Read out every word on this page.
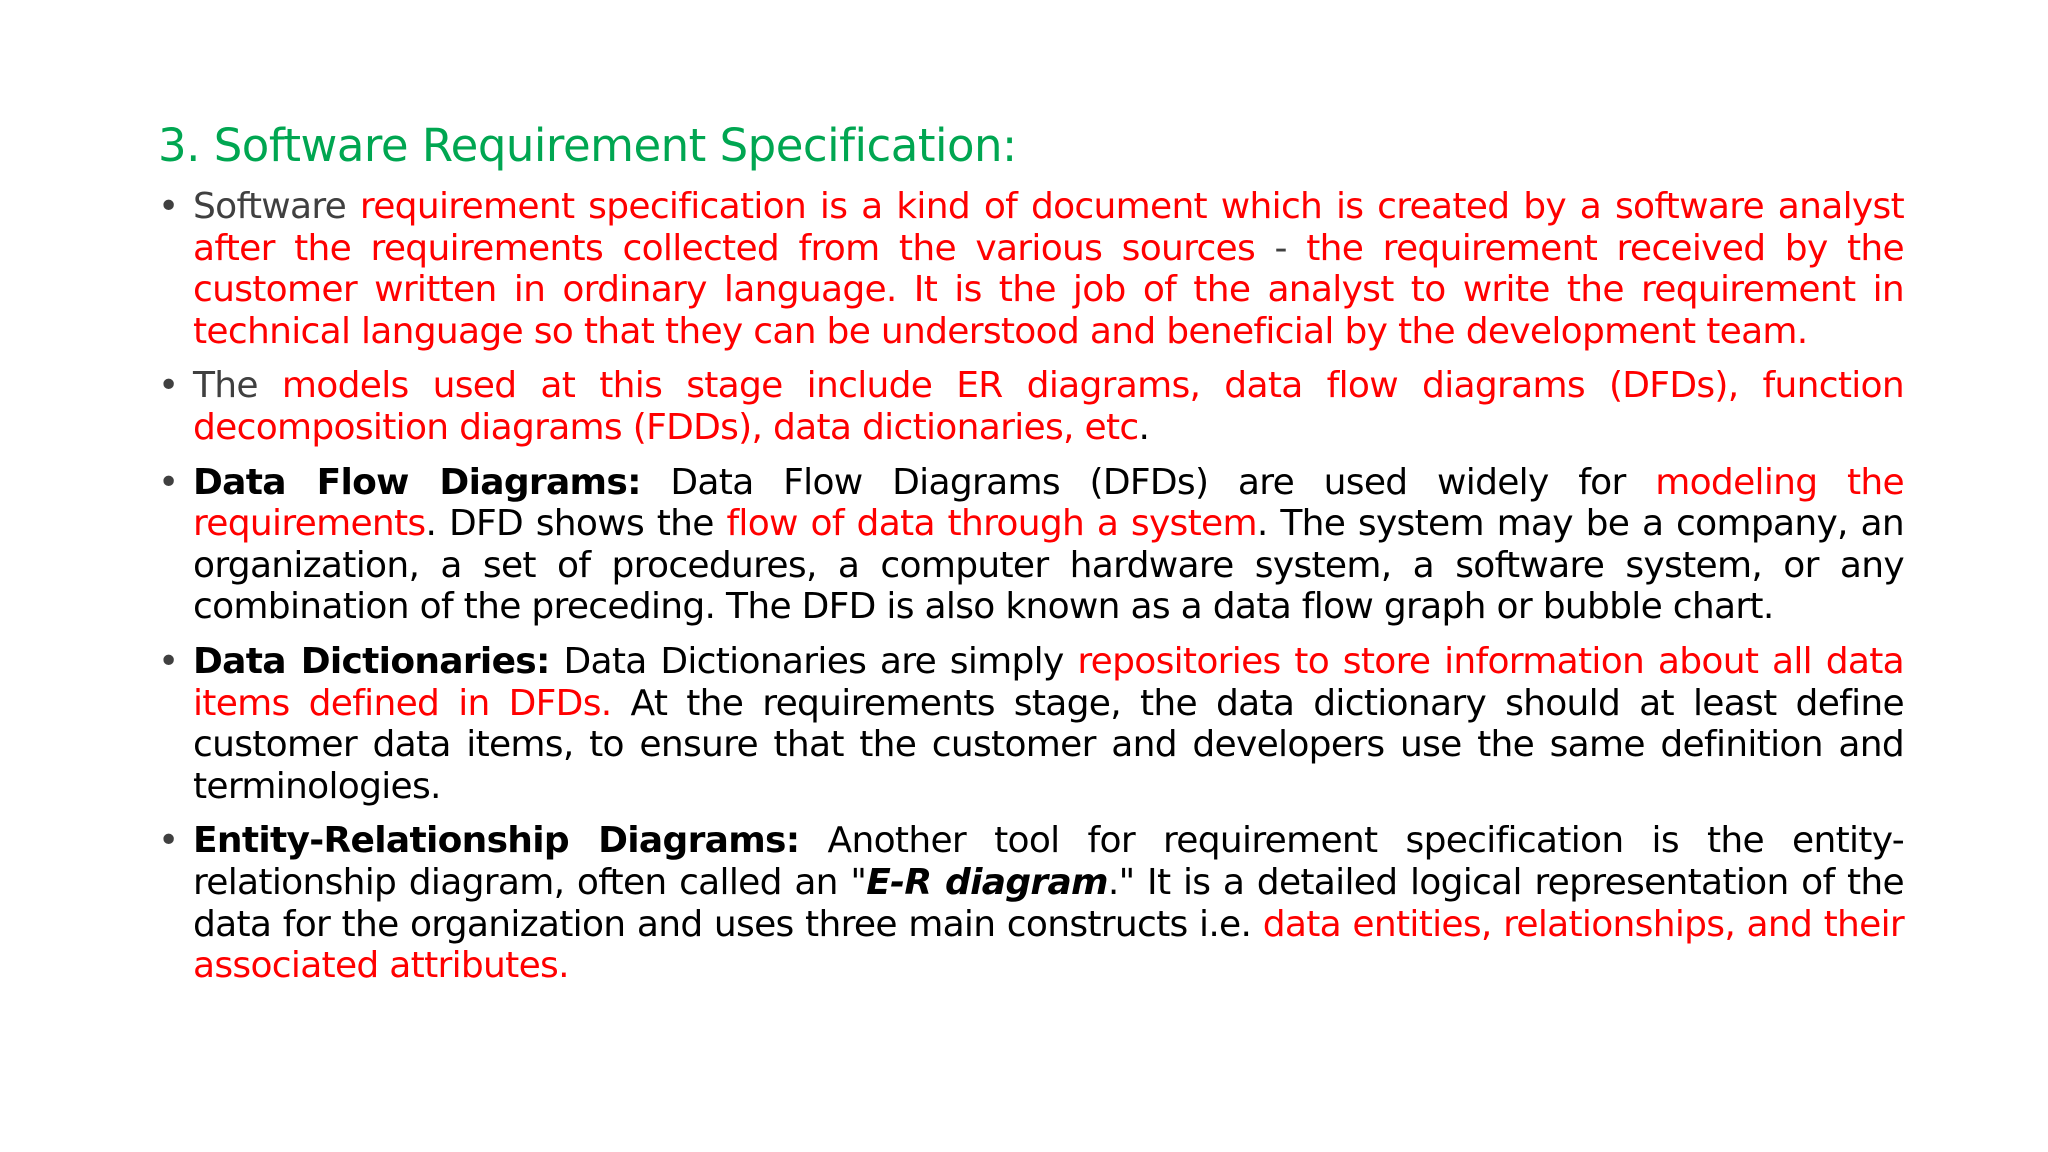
3. Software Requirement Specification:
• Software requirement specification is a kind of document which is created by a software analyst after the requirements collected from the various sources - the requirement received by the customer written in ordinary language. It is the job of the analyst to write the requirement in technical language so that they can be understood and beneficial by the development team.
• The models used at this stage include ER diagrams, data flow diagrams (DFDs), function decomposition diagrams (FDDs), data dictionaries, etc.
• Data Flow Diagrams: Data Flow Diagrams (DFDs) are used widely for modeling the requirements. DFD shows the flow of data through a system. The system may be a company, an organization, a set of procedures, a computer hardware system, a software system, or any combination of the preceding. The DFD is also known as a data flow graph or bubble chart.
• Data Dictionaries: Data Dictionaries are simply repositories to store information about all data items defined in DFDs. At the requirements stage, the data dictionary should at least define customer data items, to ensure that the customer and developers use the same definition and terminologies.
• Entity-Relationship Diagrams: Another tool for requirement specification is the entity-relationship diagram, often called an "E-R diagram." It is a detailed logical representation of the data for the organization and uses three main constructs i.e. data entities, relationships, and their associated attributes.
